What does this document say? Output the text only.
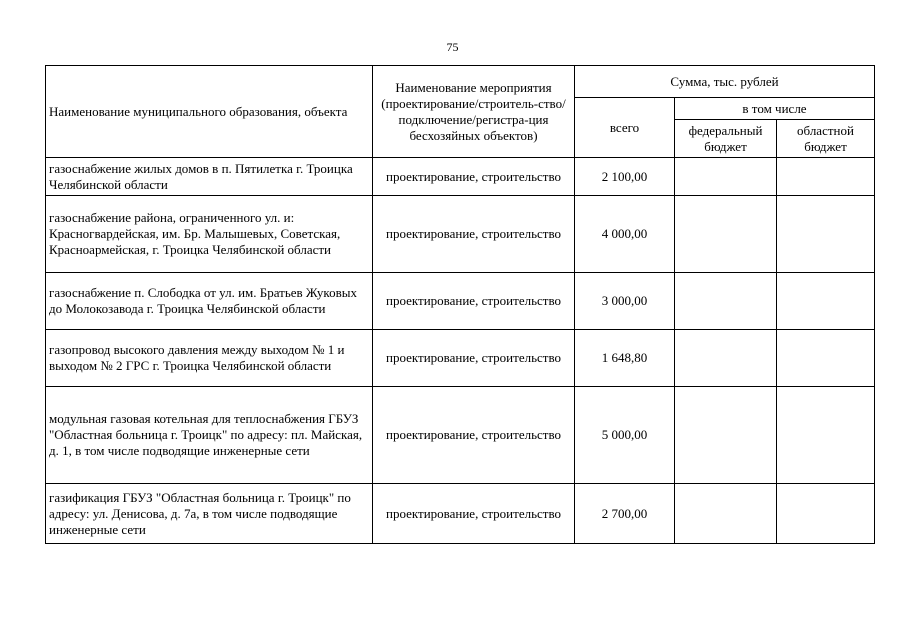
75
Наименование муниципального образования, объекта	Наименование мероприятия (проектирование/строитель-ство/подключение/регистра-ция бесхозяйных объектов)	Сумма, тыс. рублей		
		всего	в том числе	
			федеральный бюджет	областной бюджет
газоснабжение жилых домов в п. Пятилетка г. Троицка Челябинской области	проектирование, строительство	2 100,00		
газоснабжение района, ограниченного ул. и: Красногвардейская, им. Бр. Малышевых, Советская, Красноармейская, г. Троицка Челябинской области	проектирование, строительство	4 000,00		
газоснабжение п. Слободка от ул. им. Братьев Жуковых до Молокозавода г. Троицка Челябинской области	проектирование, строительство	3 000,00		
газопровод высокого давления между выходом № 1 и выходом № 2 ГРС г. Троицка Челябинской области	проектирование, строительство	1 648,80		
модульная газовая котельная для теплоснабжения ГБУЗ "Областная больница г. Троицк" по адресу: пл. Майская, д. 1, в том числе подводящие инженерные сети	проектирование, строительство	5 000,00		
газификация ГБУЗ "Областная больница г. Троицк" по адресу: ул. Денисова, д. 7а, в том числе подводящие инженерные сети	проектирование, строительство	2 700,00		
